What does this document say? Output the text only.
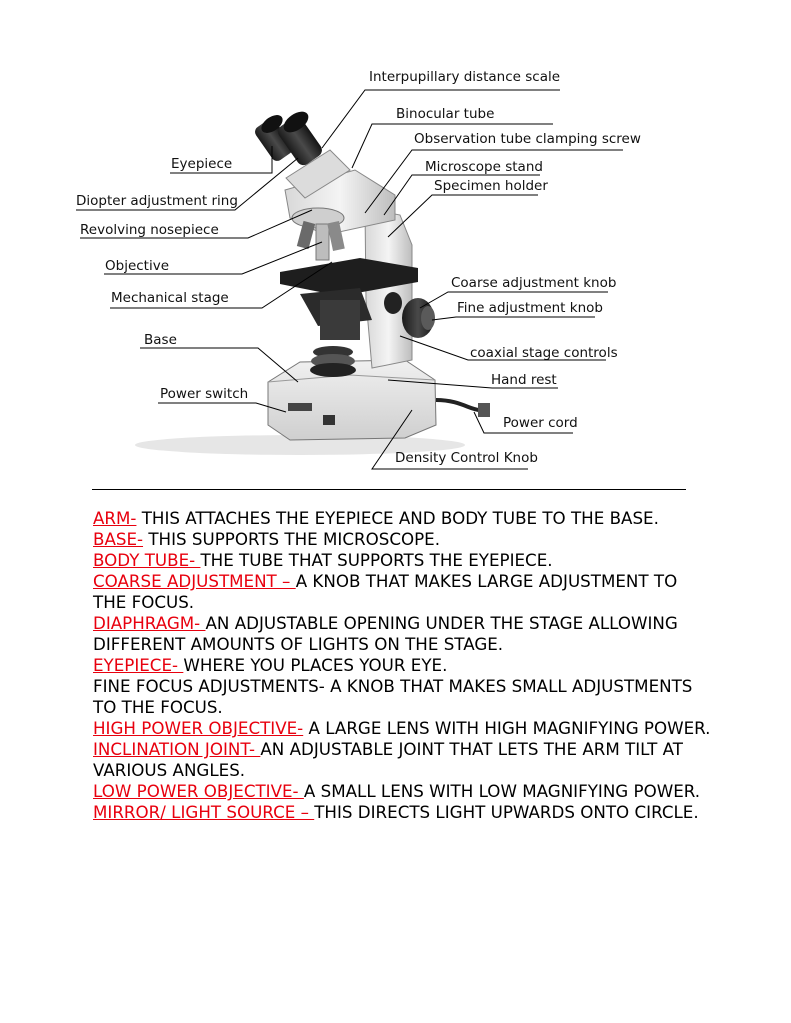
Interpupillary distance scale
Binocular tube
Observation tube clamping screw
Eyepiece	Microscope stand
Specimen holder
Diopter adjustment ring
Revolving nosepiece
Objective
Coarse adjustment knob
Mechanical stage
Fine adjustment knob
Base
coaxial stage controls
Hand rest
Power switch
Power cord
Density Control Knob

ARM- THIS ATTACHES THE EYEPIECE AND BODY TUBE TO THE BASE.

BASE- THIS SUPPORTS THE MICROSCOPE.

BODY TUBE- THE TUBE THAT SUPPORTS THE EYEPIECE.

COARSE ADJUSTMENT – A KNOB THAT MAKES LARGE ADJUSTMENT TO THE FOCUS.

DIAPHRAGM- AN ADJUSTABLE OPENING UNDER THE STAGE ALLOWING DIFFERENT AMOUNTS OF LIGHTS ON THE STAGE.

EYEPIECE- WHERE YOU PLACES YOUR EYE.

FINE FOCUS ADJUSTMENTS- A KNOB THAT MAKES SMALL ADJUSTMENTS TO THE FOCUS.

HIGH POWER OBJECTIVE- A LARGE LENS WITH HIGH MAGNIFYING POWER.

INCLINATION JOINT- AN ADJUSTABLE JOINT THAT LETS THE ARM TILT AT VARIOUS ANGLES.

LOW POWER OBJECTIVE- A SMALL LENS WITH LOW MAGNIFYING POWER.

MIRROR/ LIGHT SOURCE – THIS DIRECTS LIGHT UPWARDS ONTO CIRCLE.
